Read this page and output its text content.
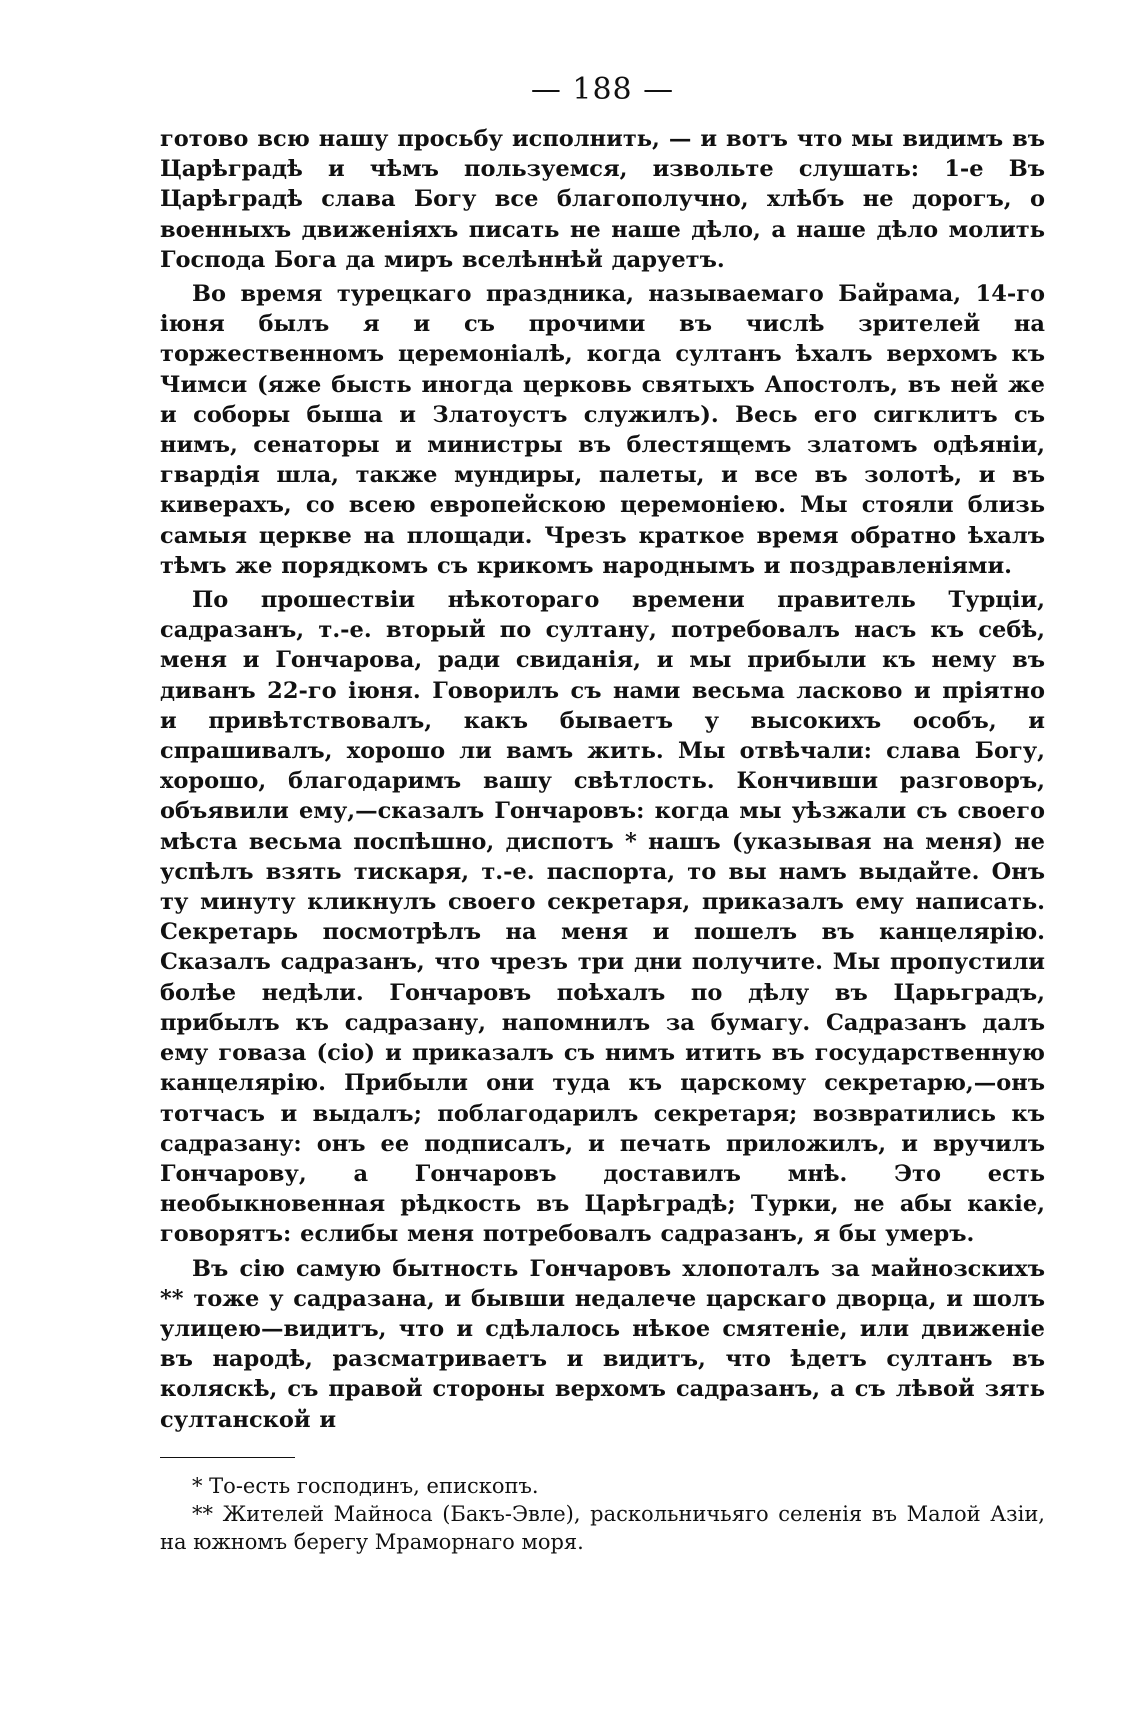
— 188 —

готово всю нашу просьбу исполнить, — и вотъ что мы видимъ въ Царѣградѣ и чѣмъ пользуемся, извольте слушать: 1-е Въ Царѣградѣ слава Богу все благополучно, хлѣбъ не дорогъ, о военныхъ движеніяхъ писать не наше дѣло, а наше дѣло молить Господа Бога да миръ вселѣннѣй даруетъ.

Во время турецкаго праздника, называемаго Байрама, 14-го іюня былъ я и съ прочими въ числѣ зрителей на торжественномъ церемоніалѣ, когда султанъ ѣхалъ верхомъ къ Чимси (яже бысть иногда церковь святыхъ Апостолъ, въ ней же и соборы быша и Златоустъ служилъ). Весь его сигклитъ съ нимъ, сенаторы и министры въ блестящемъ златомъ одѣяніи, гвардія шла, также мундиры, палеты, и все въ золотѣ, и въ киверахъ, со всею европейскою церемоніею. Мы стояли близь самыя церкве на площади. Чрезъ краткое время обратно ѣхалъ тѣмъ же порядкомъ съ крикомъ народнымъ и поздравленіями.

По прошествіи нѣкотораго времени правитель Турціи, садразанъ, т.-е. вторый по султану, потребовалъ насъ къ себѣ, меня и Гончарова, ради свиданія, и мы прибыли къ нему въ диванъ 22-го іюня. Говорилъ съ нами весьма ласково и пріятно и привѣтствовалъ, какъ бываетъ у высокихъ особъ, и спрашивалъ, хорошо ли вамъ жить. Мы отвѣчали: слава Богу, хорошо, благодаримъ вашу свѣтлость. Кончивши разговоръ, объявили ему,—сказалъ Гончаровъ: когда мы уѣзжали съ своего мѣста весьма поспѣшно, диспотъ * нашъ (указывая на меня) не успѣлъ взять тискаря, т.-е. паспорта, то вы намъ выдайте. Онъ ту минуту кликнулъ своего секретаря, приказалъ ему написать. Секретарь посмотрѣлъ на меня и пошелъ въ канцелярію. Сказалъ садразанъ, что чрезъ три дни получите. Мы пропустили болѣе недѣли. Гончаровъ поѣхалъ по дѣлу въ Царьградъ, прибылъ къ садразану, напомнилъ за бумагу. Садразанъ далъ ему говаза (сіо) и приказалъ съ нимъ итить въ государственную канцелярію. Прибыли они туда къ царскому секретарю,—онъ тотчасъ и выдалъ; поблагодарилъ секретаря; возвратились къ садразану: онъ ее подписалъ, и печать приложилъ, и вручилъ Гончарову, а Гончаровъ доставилъ мнѣ. Это есть необыкновенная рѣдкость въ Царѣградѣ; Турки, не абы какіе, говорятъ: еслибы меня потребовалъ садразанъ, я бы умеръ.

Въ сію самую бытность Гончаровъ хлопоталъ за майнозскихъ ** тоже у садразана, и бывши недалече царскаго дворца, и шолъ улицею—видитъ, что и сдѣлалось нѣкое смятеніе, или движеніе въ народѣ, разсматриваетъ и видитъ, что ѣдетъ султанъ въ коляскѣ, съ правой стороны верхомъ садразанъ, а съ лѣвой зять султанской и

* То-есть господинъ, епископъ.

** Жителей Майноса (Бакъ-Эвле), раскольничьяго селенія въ Малой Азіи, на южномъ берегу Мраморнаго моря.
